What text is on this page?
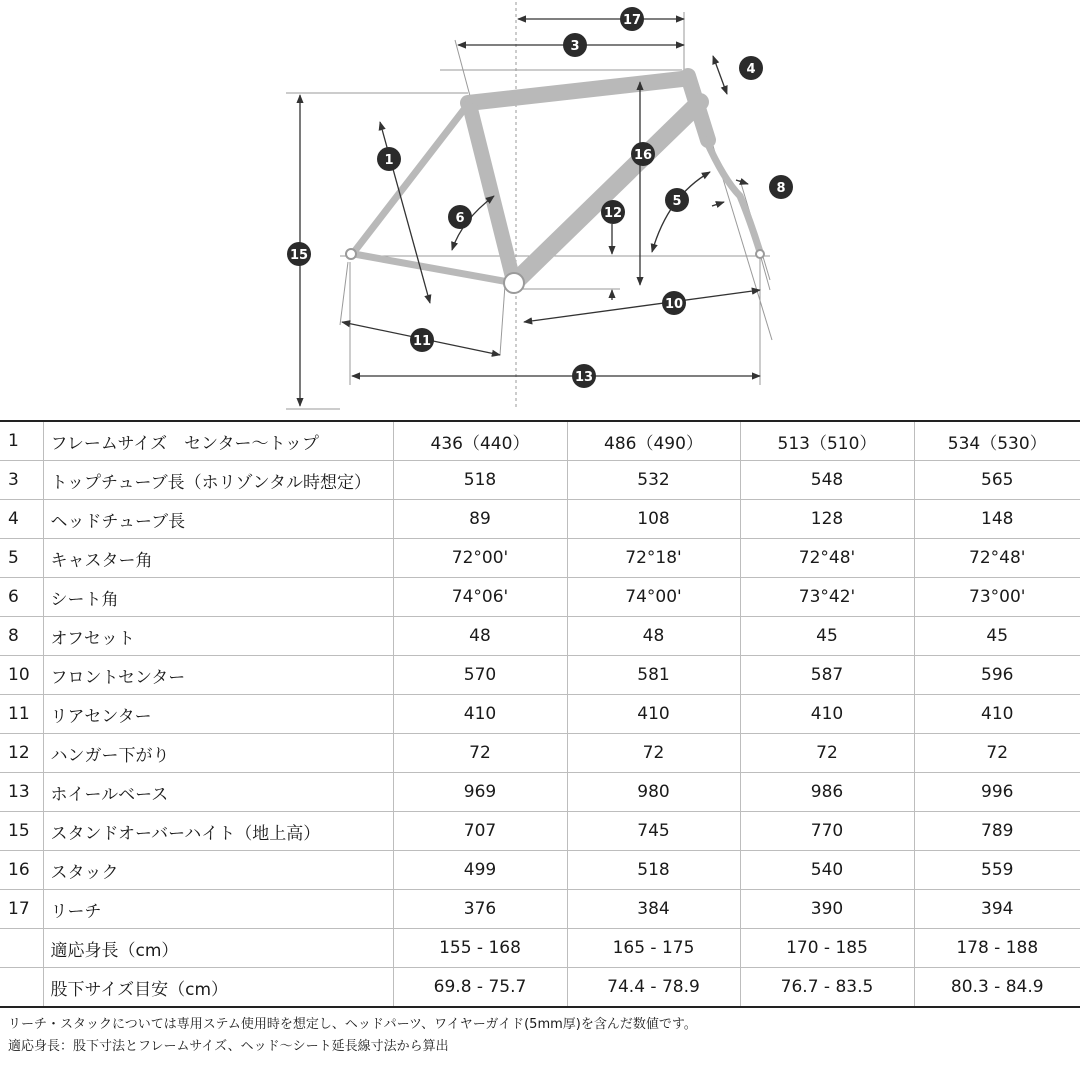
17
3
4
1	16
8
5
12
6
15
10
11
13
1	フレームサイズ　センター〜トップ	436（440）	486（490）	513（510）	534（530）
3	トップチューブ長（ホリゾンタル時想定）	518	532	548	565
4	ヘッドチューブ長	89	108	128	148
5	キャスター角	72°00'	72°18'	72°48'	72°48'
6	シート角	74°06'	74°00'	73°42'	73°00'
8	オフセット	48	48	45	45
10	フロントセンター	570	581	587	596
11	リアセンター	410	410	410	410
12	ハンガー下がり	72	72	72	72
13	ホイールベース	969	980	986	996
15	スタンドオーバーハイト（地上高）	707	745	770	789
16	スタック	499	518	540	559
17	リーチ	376	384	390	394
	適応身長（cm）	155 - 168	165 - 175	170 - 185	178 - 188
	股下サイズ目安（cm）	69.8 - 75.7	74.4 - 78.9	76.7 - 83.5	80.3 - 84.9
リーチ・スタックについては専用ステム使用時を想定し、ヘッドパーツ、ワイヤーガイド(5mm厚)を含んだ数値です。
適応身長：股下寸法とフレームサイズ、ヘッド〜シート延長線寸法から算出
